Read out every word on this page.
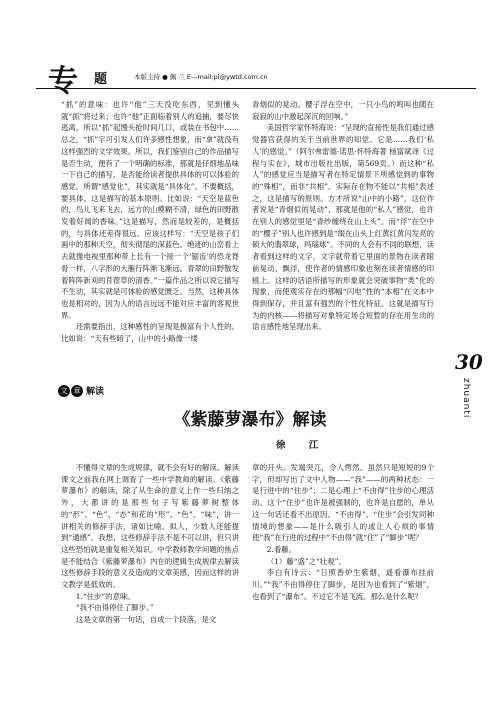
专 题	本版主持 ● 佩 兰 E—mail:pl@ywtd.com.cn

“抓”的意味：也许“他”三天没吃东西，见到懂头就“抓”将过来；也许“他”正面临着别人的追捕，要尽快逃离，所以“抓”起馒头抢时间几口，或装在书包中……总之，“抓”字可引发人们许多感性想象，而“拿”就没有这样强烈的文学效果。所以，我们鉴别自己的作品描写是否生动，便有了一个明确的标准，那就是仔细地品味一下自己的描写，是否能给读者提供具体的可以体验的感觉。所谓“感觉化”，其实就是“具体化”。不要概括，要具体，这是描写的基本原则。比如说：“天空是蓝色的，鸟儿飞来飞去，远方的山模糊不清，绿色的田野散发着好闻的香味。”这是描写，然而是较差的，是概括的，与具体还差得很远。应该这样写：“天空是孩子们画中的那种天空，彻头彻尾的深蓝色。绝迹的山峦看上去就像电视里那种带上长有一个接一个‘锯齿’的恐龙脊骨一样，八字形的大雁行阵渐飞渐远。青翠的田野散发着阵阵新刈的苜蓿草的清香。”一篇作品之所以说它描写不生动，其实就是可体验的感觉匮乏。当然，这种具体也是相对的，因为人的语言远远不能对应丰富的客观世界。

还需要指出，这种感性的呈现是极富有个人性的。比如说：“天有些暗了，山中的小路像一缕

青烟似的晃动。樱子浮在空中，一只小鸟的鸣叫也随在寂寂的山中激起深沉的回响。”

美国哲学家怀特海说：“呈现的直接性是我们通过感觉器官获得的关于当前世界的知觉。它是……我们‘私人’的感觉。”（阿尔弗雷德·诺思·怀特海著 杨富斌译《过程与实在》，城市出版社出版，第569页。）而这种“私人”的感觉应当是描写者在特定情景下所感觉到的事物的“殊相”，而非“共相”。实际存在物不能以“共相”表述之，这是描写的原则。方才所说“山中的小路”，这位作者说是“青烟似的晃动”，那就是他的“私人”感觉，也许在别人的感觉里是“青纱缠绕在山上头”。而“浮”在空中的“樱子”别人也许感到是“缀在山头上红黄红黄闪发亮的硕大的翡翠球，玛瑙球”。不同的人会有不同的联想，读者看到这样的文字，文字就带着它里面的景物在读者眼前晃动、飘浮，使作者的情感印象也刻在读者情感的印痕上。这样的话语所描写的形象就会突破事物“类”化的现象，而使观实存在的那幅“闪电”性的“本相”在文本中得到保存，并且富有强烈的个性化特征。这就是描写行为的内核——将描写对象特定场合短暂的存在用生动的语言感性地呈现出来。

30
zhuanti
文 章 解读
《紫藤萝瀑布》解读
徐 江

不懂得文章的生成规律，就不会有好的解读。解读课文之前我在网上调查了一些中学教师的解读。《紫藤萝瀑布》的解读，除了从生命的意义上作一些归纳之外，大都讲的是那些句子写紫藤萝树整体的“形”、“色”、“态”和花的“形”、“色”、“味”，讲一讲相关的修辞手法，诸如比喻、拟人，少数人还能提到“通感”。我想，这些修辞手法不是不可以讲，但只讲这些恐怕就是重复相关知识。中学教师教学问题的焦点是不能结合《紫藤萝瀑布》内在的逻辑生成规律去解读这些修辞手段的意义及造成的文章美感，因而这样的讲文教学是低效的。

1.“住步”的意味。

“我不由得停住了脚步。”

这是文章的第一句话，自成一个段落，是文

章的开头。发端突兀，令人愕然。虽然只是短短的9个字，但却写出了文中人物——“我”——的两种状态：一是行进中的“住步”；二是心理上“不由得”住步的心理活动。这个“住步”也许是被强制的，也许是自愿的，单从这一句话还看不出原因。“不由得”、“住步”会引发同种情境的想象——是什么吸引人的或让人心烦的事情使“我”在行进的过程中“不由得”就“住”了“脚步”呢？

2.看藤。

（1）藤“盛”之“壮观”。

李白有诗云：“日照香炉生紫烟，遥看瀑布挂前川。”“我”不由得停住了脚步，是因为也看到了“紫烟”，也看到了“瀑布”。不过它不是飞流。那么是什么呢？
